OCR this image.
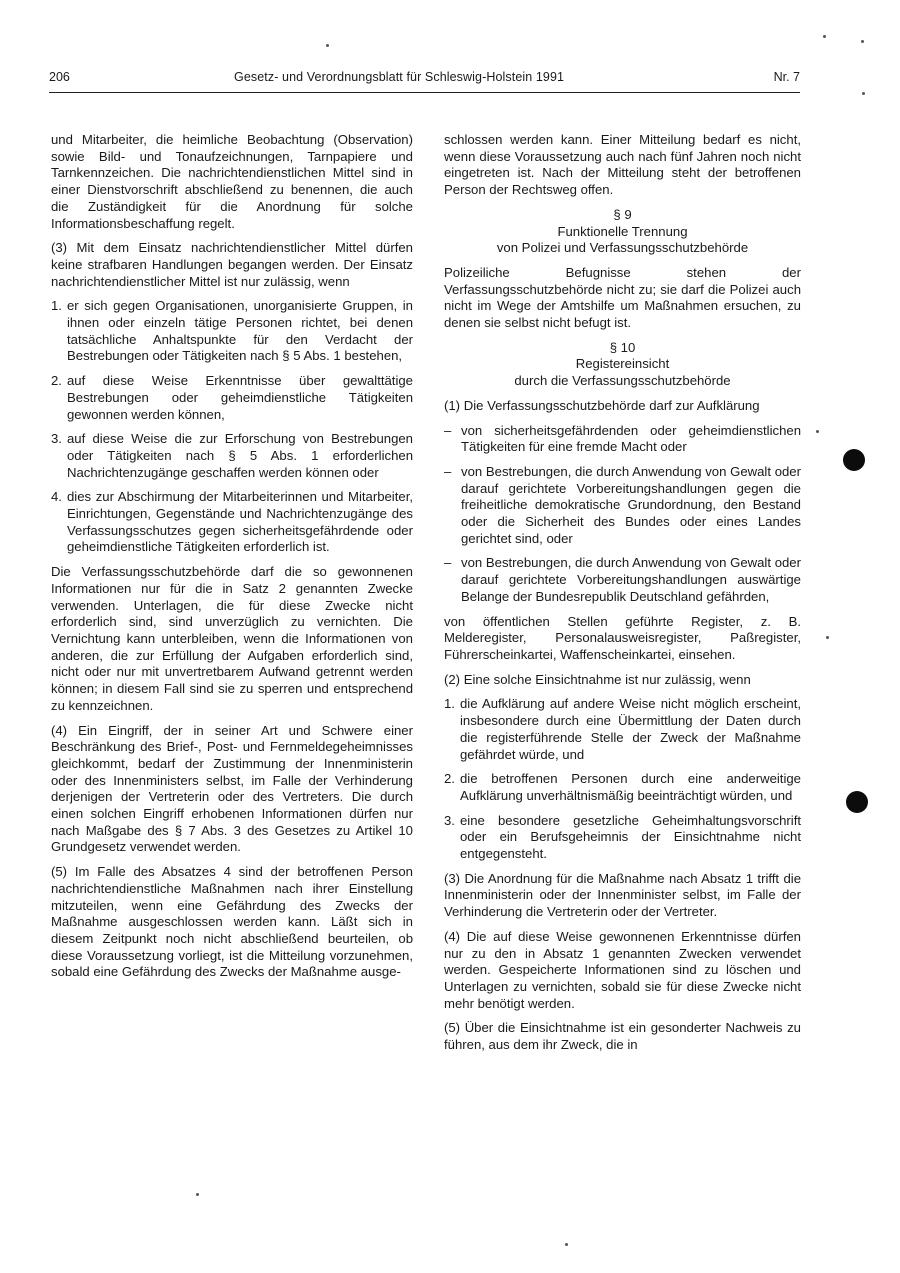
206	Gesetz- und Verordnungsblatt für Schleswig-Holstein 1991	Nr. 7

und Mitarbeiter, die heimliche Beobachtung (Observation) sowie Bild- und Tonaufzeichnungen, Tarnpapiere und Tarnkennzeichen. Die nachrichtendienstlichen Mittel sind in einer Dienstvorschrift abschließend zu benennen, die auch die Zuständigkeit für die Anordnung für solche Informationsbeschaffung regelt.

(3) Mit dem Einsatz nachrichtendienstlicher Mittel dürfen keine strafbaren Handlungen begangen werden. Der Einsatz nachrichtendienstlicher Mittel ist nur zulässig, wenn

1. er sich gegen Organisationen, unorganisierte Gruppen, in ihnen oder einzeln tätige Personen richtet, bei denen tatsächliche Anhaltspunkte für den Verdacht der Bestrebungen oder Tätigkeiten nach § 5 Abs. 1 bestehen,
2. auf diese Weise Erkenntnisse über gewalttätige Bestrebungen oder geheimdienstliche Tätigkeiten gewonnen werden können,
3. auf diese Weise die zur Erforschung von Bestrebungen oder Tätigkeiten nach § 5 Abs. 1 erforderlichen Nachrichtenzugänge geschaffen werden können oder
4. dies zur Abschirmung der Mitarbeiterinnen und Mitarbeiter, Einrichtungen, Gegenstände und Nachrichtenzugänge des Verfassungsschutzes gegen sicherheitsgefährdende oder geheimdienstliche Tätigkeiten erforderlich ist.

Die Verfassungsschutzbehörde darf die so gewonnenen Informationen nur für die in Satz 2 genannten Zwecke verwenden. Unterlagen, die für diese Zwecke nicht erforderlich sind, sind unverzüglich zu vernichten. Die Vernichtung kann unterbleiben, wenn die Informationen von anderen, die zur Erfüllung der Aufgaben erforderlich sind, nicht oder nur mit unvertretbarem Aufwand getrennt werden können; in diesem Fall sind sie zu sperren und entsprechend zu kennzeichnen.

(4) Ein Eingriff, der in seiner Art und Schwere einer Beschränkung des Brief-, Post- und Fernmeldegeheimnisses gleichkommt, bedarf der Zustimmung der Innenministerin oder des Innenministers selbst, im Falle der Verhinderung derjenigen der Vertreterin oder des Vertreters. Die durch einen solchen Eingriff erhobenen Informationen dürfen nur nach Maßgabe des § 7 Abs. 3 des Gesetzes zu Artikel 10 Grundgesetz verwendet werden.

(5) Im Falle des Absatzes 4 sind der betroffenen Person nachrichtendienstliche Maßnahmen nach ihrer Einstellung mitzuteilen, wenn eine Gefährdung des Zwecks der Maßnahme ausgeschlossen werden kann. Läßt sich in diesem Zeitpunkt noch nicht abschließend beurteilen, ob diese Voraussetzung vorliegt, ist die Mitteilung vorzunehmen, sobald eine Gefährdung des Zwecks der Maßnahme ausge-

schlossen werden kann. Einer Mitteilung bedarf es nicht, wenn diese Voraussetzung auch nach fünf Jahren noch nicht eingetreten ist. Nach der Mitteilung steht der betroffenen Person der Rechtsweg offen.

§ 9

Funktionelle Trennung

von Polizei und Verfassungsschutzbehörde

Polizeiliche Befugnisse stehen der Verfassungsschutzbehörde nicht zu; sie darf die Polizei auch nicht im Wege der Amtshilfe um Maßnahmen ersuchen, zu denen sie selbst nicht befugt ist.

§ 10

Registereinsicht

durch die Verfassungsschutzbehörde

(1) Die Verfassungsschutzbehörde darf zur Aufklärung

– von sicherheitsgefährdenden oder geheimdienstlichen Tätigkeiten für eine fremde Macht oder
– von Bestrebungen, die durch Anwendung von Gewalt oder darauf gerichtete Vorbereitungshandlungen gegen die freiheitliche demokratische Grundordnung, den Bestand oder die Sicherheit des Bundes oder eines Landes gerichtet sind, oder
– von Bestrebungen, die durch Anwendung von Gewalt oder darauf gerichtete Vorbereitungshandlungen auswärtige Belange der Bundesrepublik Deutschland gefährden,

von öffentlichen Stellen geführte Register, z. B. Melderegister, Personalausweisregister, Paßregister, Führerscheinkartei, Waffenscheinkartei, einsehen.

(2) Eine solche Einsichtnahme ist nur zulässig, wenn

1. die Aufklärung auf andere Weise nicht möglich erscheint, insbesondere durch eine Übermittlung der Daten durch die registerführende Stelle der Zweck der Maßnahme gefährdet würde, und
2. die betroffenen Personen durch eine anderweitige Aufklärung unverhältnismäßig beeinträchtigt würden, und
3. eine besondere gesetzliche Geheimhaltungsvorschrift oder ein Berufsgeheimnis der Einsichtnahme nicht entgegensteht.

(3) Die Anordnung für die Maßnahme nach Absatz 1 trifft die Innenministerin oder der Innenminister selbst, im Falle der Verhinderung die Vertreterin oder der Vertreter.

(4) Die auf diese Weise gewonnenen Erkenntnisse dürfen nur zu den in Absatz 1 genannten Zwecken verwendet werden. Gespeicherte Informationen sind zu löschen und Unterlagen zu vernichten, sobald sie für diese Zwecke nicht mehr benötigt werden.

(5) Über die Einsichtnahme ist ein gesonderter Nachweis zu führen, aus dem ihr Zweck, die in
